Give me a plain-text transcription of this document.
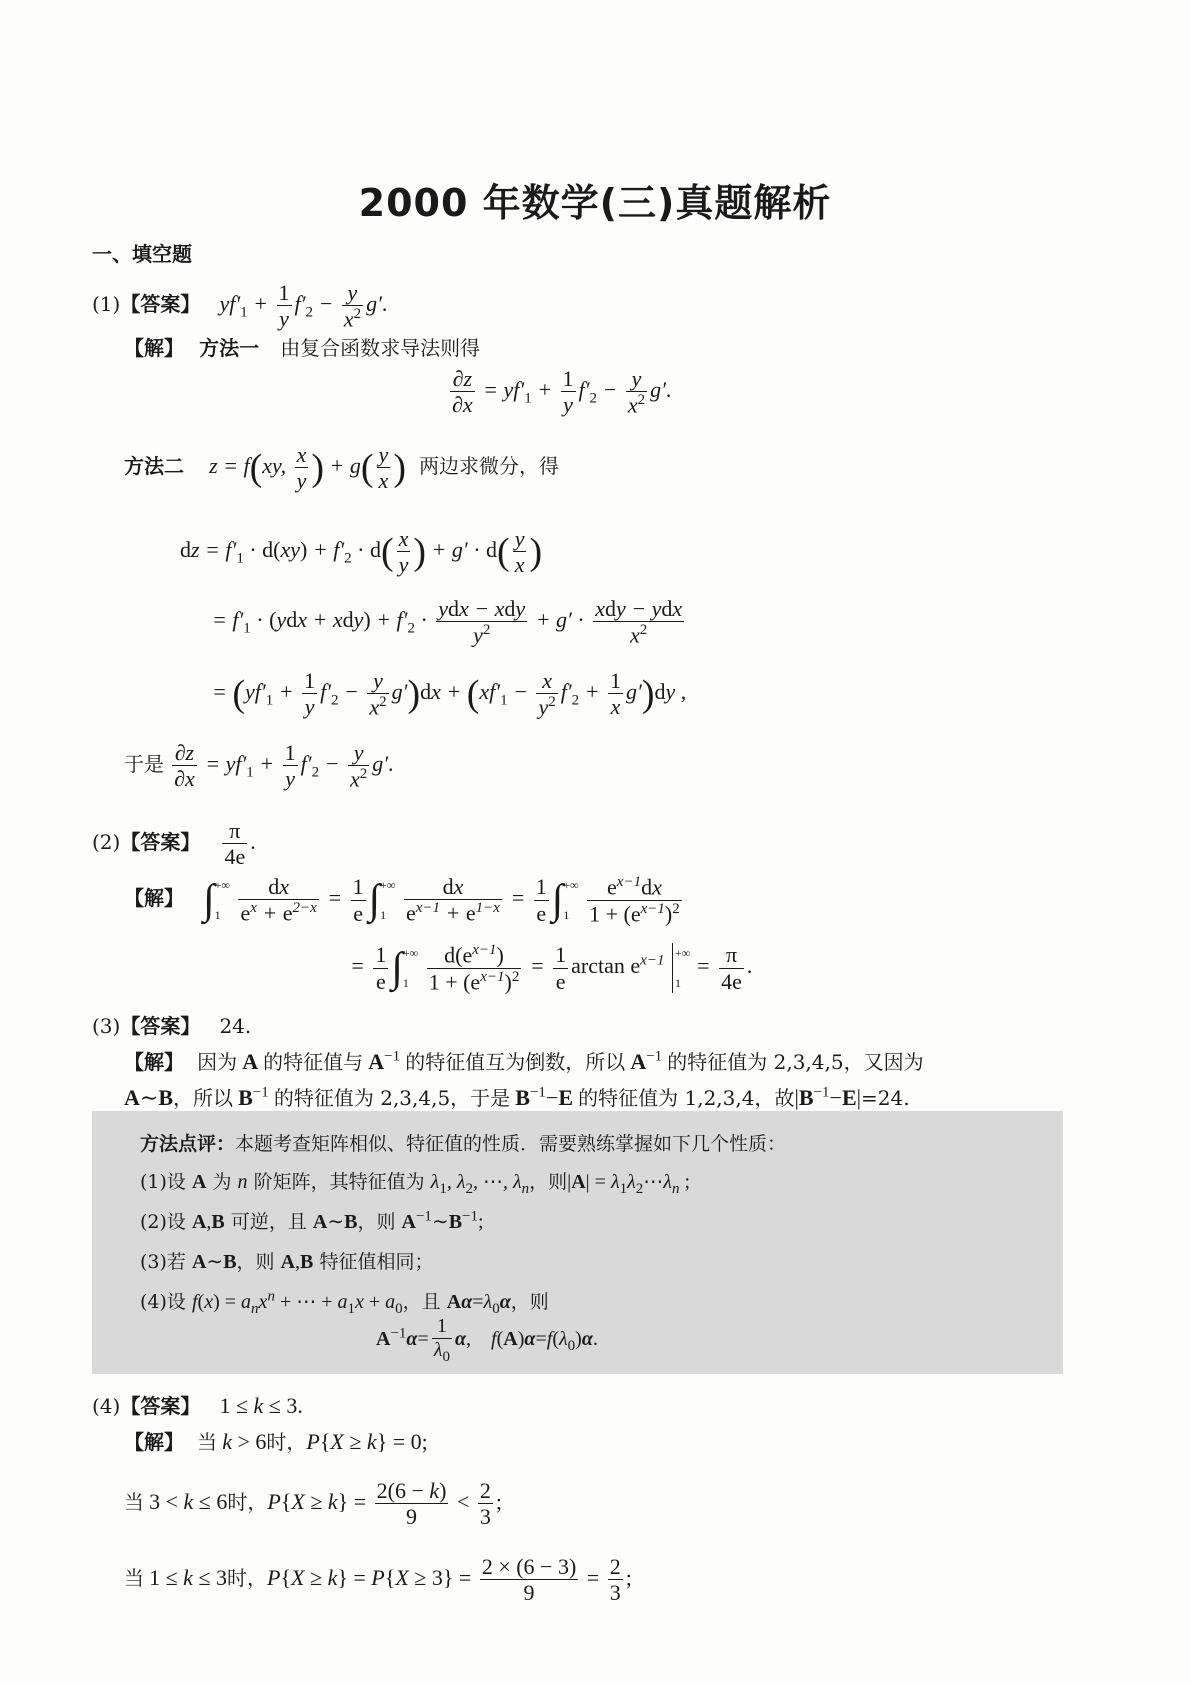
2000 年数学(三)真题解析
一、填空题
(1)【答案】 $yf'_1 + \frac{1}{y} f'_2 - \frac{y}{x^2} g'$.
【解】 方法一 由复合函数求导法则得
$\frac{\partial z}{\partial x} = yf'_1 + \frac{1}{y} f'_2 - \frac{y}{x^2} g'$.
方法二 z = f(xy, $\frac{x}{y}$ ) + $g( \frac{y}{x}$ ) 两边求微分，得
dz = $f'_1 \cdot d(xy) + f'_2 \cdot d( \frac{x}{y}$ ) + $g' \cdot d( \frac{y}{x}$ )
= $f'_1 \cdot (ydx + xdy) + f'_2 \cdot \frac{\text{ydx − xdy}}{y^2} + g' \cdot \frac{\text{xdy − ydx}}{x^2}$
= $(yf'_1 + \frac{1}{y} f'_2 - \frac{y}{x^2} g')dx + (xf'_1 - \frac{x}{y^2} f'_2 + \frac{1}{x} g')dy$ ,
于是 $\frac{\partial z}{\partial x} = yf'_1 + \frac{1}{y} f'_2 - \frac{y}{x^2} g'$.
(2)【答案】 $\frac{\pi}{4e}$ .
【解】 ∫ +∞
1
$\frac{dx}{e^x + e^{2-x}} = \frac{1}{e}$ ∫ +∞
1
$\frac{dx}{e^{x-1} + e^{1-x}} = \frac{1}{e}$ ∫ +∞
1
$\frac{e^{x-1}dx}{1 + (e^{x-1})^2}$
= $\frac{1}{e}$ ∫ +∞
1
$\frac{d(e^{x-1})}{1 + (e^{x-1})^2} = \frac{1}{e}$ $\arctan e^{x-1}$ +∞
1
= $\frac{\pi}{4e}$ .
(3)【答案】 24.
【解】 因为 A 的特征值与 $A^{-1}$ 的特征值互为倒数，所以 $A^{-1}$ 的特征值为 2,3,4,5，又因为
A∼B，所以 $B^{-1}$ 的特征值为 2,3,4,5，于是 $B^{-1}-E$ 的特征值为 1,2,3,4，故$|B^{-1}-E|=24$.
方法点评：本题考查矩阵相似、特征值的性质．需要熟练掌握如下几个性质：
(1)设 A 为 n 阶矩阵，其特征值为 $\lambda_1$, $\lambda_2$, ⋯, $\lambda_n$，则$|A| = \lambda_1\lambda_2\cdots\lambda_n$ ;
(2)设 A,B 可逆，且 A∼B，则 $A^{-1}\sim B^{-1}$;
(3)若 A∼B，则 A,B 特征值相同；
(4)设 $f(x) = a_nx^n$ + ⋯ + $a_1x + a_0$，且 $A\alpha=\lambda_0\alpha$，则
$A^{-1}\alpha= \frac{1}{\lambda_0} \alpha$,    $f(A)\alpha=f(\lambda_0)\alpha$.
(4)【答案】 1 ≤ k ≤ 3.
【解】 当 k > 6时，P{X ≥ k} = 0;
当 3 < k ≤ 6时，$P\{X \ge k\} = \frac{2(6 - k)}{9} < \frac{2}{3}$ ;
当 1 ≤ k ≤ 3时，$P\{X \ge k\} = P\{X \ge 3\} = \frac{2 \times (6 - 3)}{9} = \frac{2}{3}$ ;
